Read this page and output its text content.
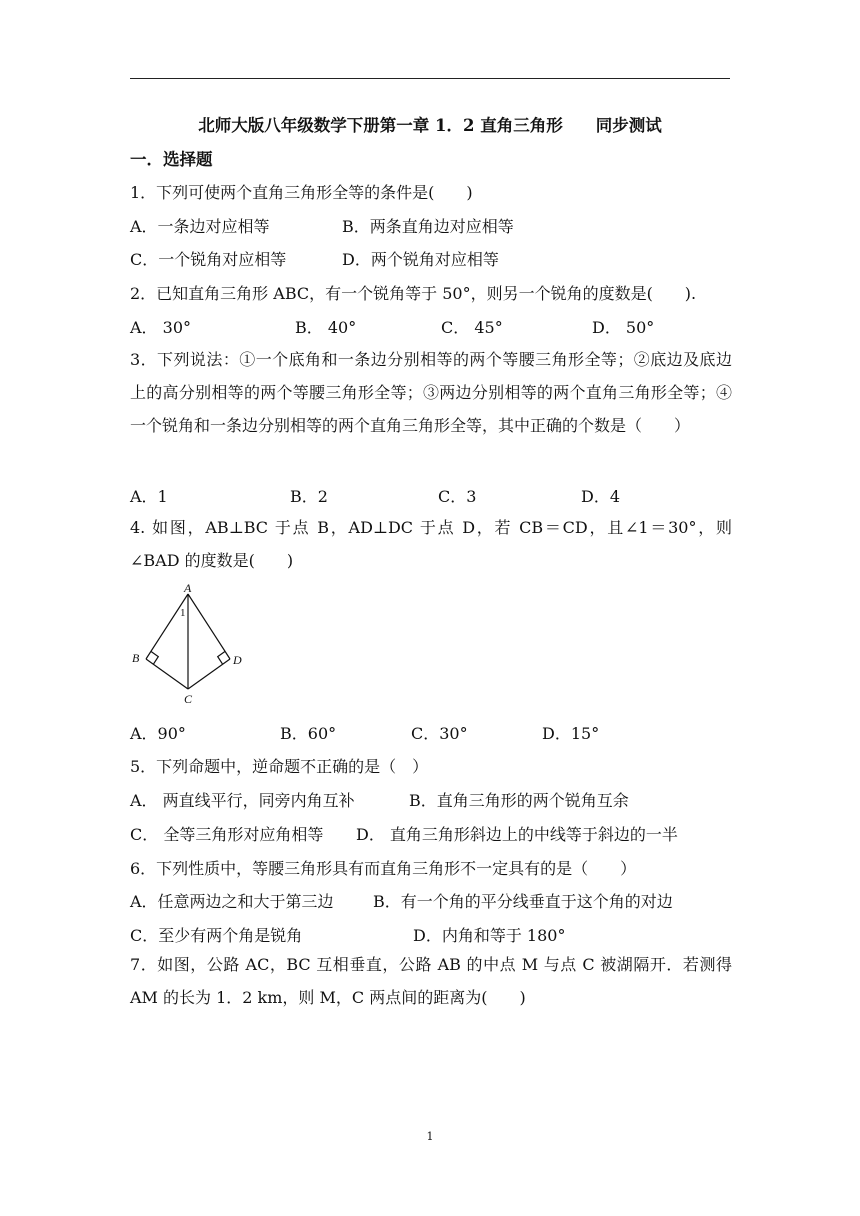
北师大版八年级数学下册第一章 1．2 直角三角形　　同步测试
一．选择题
1．下列可使两个直角三角形全等的条件是(　　)
A．一条边对应相等	B．两条直角边对应相等
C．一个锐角对应相等	D．两个锐角对应相等
2．已知直角三角形 ABC，有一个锐角等于 50°，则另一个锐角的度数是(　　).
A． 30°	B． 40°	C． 45°	D． 50°
3．下列说法：①一个底角和一条边分别相等的两个等腰三角形全等；②底边及底边上的高分别相等的两个等腰三角形全等；③两边分别相等的两个直角三角形全等；④一个锐角和一条边分别相等的两个直角三角形全等，其中正确的个数是（　　）
A．1	B．2	C．3	D．4
4. 如图，AB⊥BC 于点 B，AD⊥DC 于点 D，若 CB＝CD，且∠1＝30°，则∠BAD 的度数是(　　)
A
B
C
D
1
A．90°	B．60°	C．30°	D．15°
5．下列命题中，逆命题不正确的是（　）
A． 两直线平行，同旁内角互补	B．直角三角形的两个锐角互余
C． 全等三角形对应角相等 D． 直角三角形斜边上的中线等于斜边的一半
6．下列性质中，等腰三角形具有而直角三角形不一定具有的是（　　）
A．任意两边之和大于第三边 B．有一个角的平分线垂直于这个角的对边
C．至少有两个角是锐角	D．内角和等于 180°
7．如图，公路 AC，BC 互相垂直，公路 AB 的中点 M 与点 C 被湖隔开．若测得 AM 的长为 1．2 km，则 M，C 两点间的距离为(　　)
1
